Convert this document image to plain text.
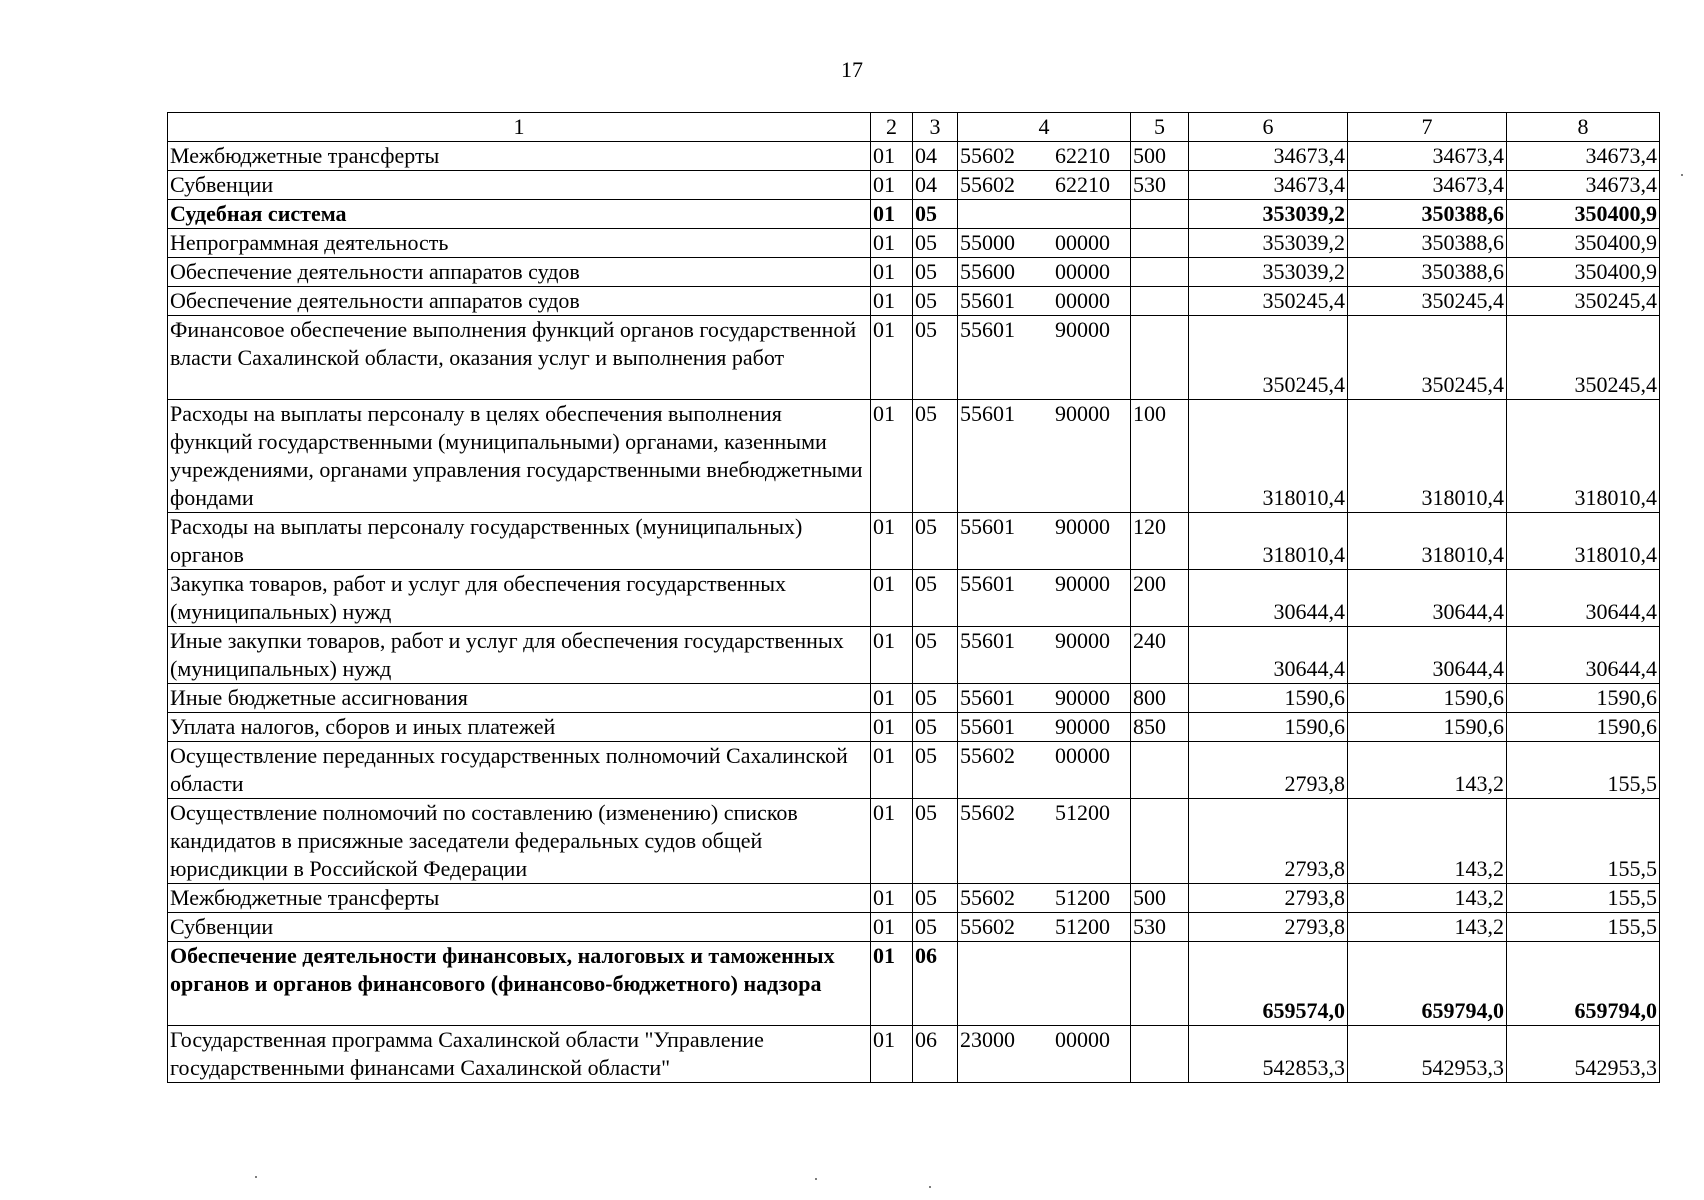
17
1	2	3	4	5	6	7	8
Межбюджетные трансферты	01	04	55602 62210	500	34673,4	34673,4	34673,4
Субвенции	01	04	55602 62210	530	34673,4	34673,4	34673,4
Судебная система	01	05			353039,2	350388,6	350400,9
Непрограммная деятельность	01	05	55000 00000		353039,2	350388,6	350400,9
Обеспечение деятельности аппаратов судов	01	05	55600 00000		353039,2	350388,6	350400,9
Обеспечение деятельности аппаратов судов	01	05	55601 00000		350245,4	350245,4	350245,4
Финансовое обеспечение выполнения функций органов государственной власти Сахалинской области, оказания услуг и выполнения работ	01	05	55601 90000		350245,4	350245,4	350245,4
Расходы на выплаты персоналу в целях обеспечения выполнения функций государственными (муниципальными) органами, казенными учреждениями, органами управления государственными внебюджетными фондами	01	05	55601 90000	100	318010,4	318010,4	318010,4
Расходы на выплаты персоналу государственных (муниципальных) органов	01	05	55601 90000	120	318010,4	318010,4	318010,4
Закупка товаров, работ и услуг для обеспечения государственных (муниципальных) нужд	01	05	55601 90000	200	30644,4	30644,4	30644,4
Иные закупки товаров, работ и услуг для обеспечения государственных (муниципальных) нужд	01	05	55601 90000	240	30644,4	30644,4	30644,4
Иные бюджетные ассигнования	01	05	55601 90000	800	1590,6	1590,6	1590,6
Уплата налогов, сборов и иных платежей	01	05	55601 90000	850	1590,6	1590,6	1590,6
Осуществление переданных государственных полномочий Сахалинской области	01	05	55602 00000		2793,8	143,2	155,5
Осуществление полномочий по составлению (изменению) списков кандидатов в присяжные заседатели федеральных судов общей юрисдикции в Российской Федерации	01	05	55602 51200		2793,8	143,2	155,5
Межбюджетные трансферты	01	05	55602 51200	500	2793,8	143,2	155,5
Субвенции	01	05	55602 51200	530	2793,8	143,2	155,5
Обеспечение деятельности финансовых, налоговых и таможенных органов и органов финансового (финансово-бюджетного) надзора	01	06			659574,0	659794,0	659794,0
Государственная программа Сахалинской области "Управление государственными финансами Сахалинской области"	01	06	23000 00000		542853,3	542953,3	542953,3
